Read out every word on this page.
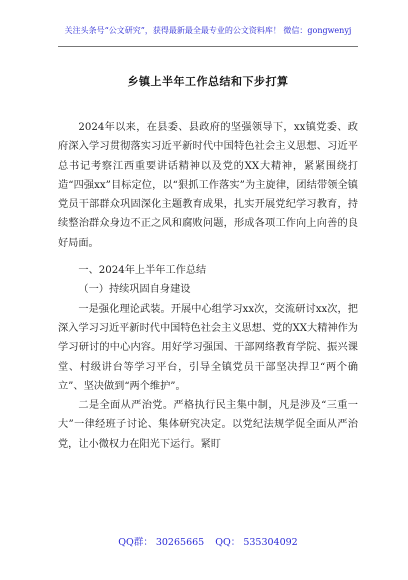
关注头条号“公文研究”，获得最新最全最专业的公文资料库！ 微信：gongwenyj
乡镇上半年工作总结和下步打算

2024年以来，在县委、县政府的坚强领导下，xx镇党委、政府深入学习贯彻落实习近平新时代中国特色社会主义思想、习近平总书记考察江西重要讲话精神以及党的XX大精神，紧紧围绕打造“四强xx”目标定位，以“狠抓工作落实”为主旋律，团结带领全镇党员干部群众巩固深化主题教育成果，扎实开展党纪学习教育，持续整治群众身边不正之风和腐败问题，形成各项工作向上向善的良好局面。

一、2024年上半年工作总结

（一）持续巩固自身建设

一是强化理论武装。开展中心组学习xx次，交流研讨xx次，把深入学习习近平新时代中国特色社会主义思想、党的XX大精神作为学习研讨的中心内容。用好学习强国、干部网络教育学院、振兴课堂、村级讲台等学习平台，引导全镇党员干部坚决捍卫“两个确立”、坚决做到“两个维护”。

二是全面从严治党。严格执行民主集中制，凡是涉及“三重一大”一律经班子讨论、集体研究决定。以党纪法规学促全面从严治党，让小微权力在阳光下运行。紧盯

QQ群： 30265665 QQ： 535304092
